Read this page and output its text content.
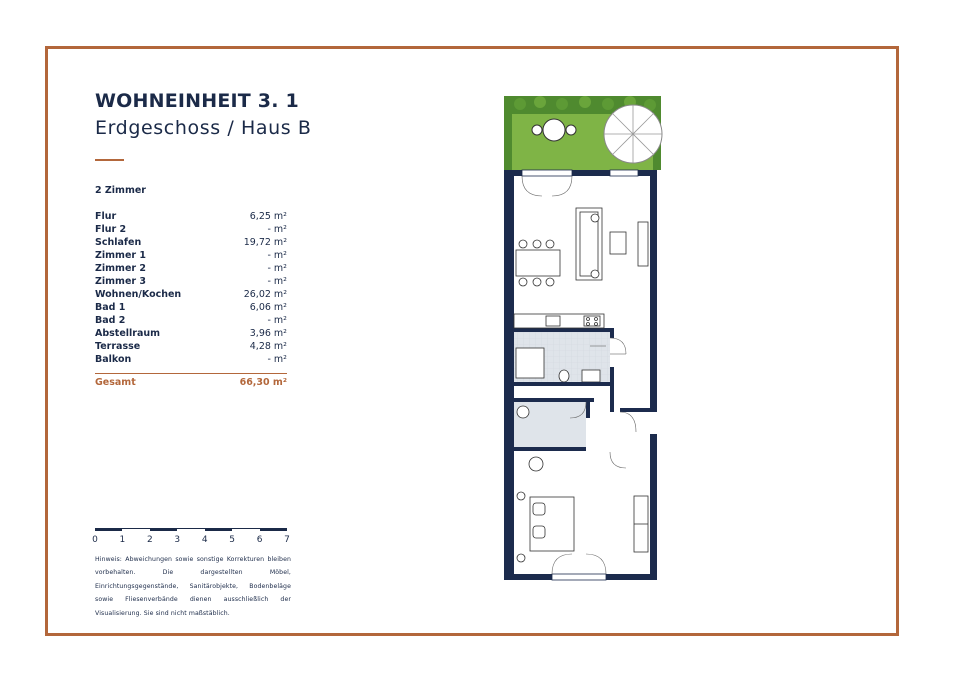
WOHNEINHEIT 3. 1
Erdgeschoss / Haus B
2 Zimmer
Flur	6,25 m²
Flur 2	- m²
Schlafen	19,72 m²
Zimmer 1	- m²
Zimmer 2	- m²
Zimmer 3	- m²
Wohnen/Kochen	26,02 m²
Bad 1	6,06 m²
Bad 2	- m²
Abstellraum	3,96 m²
Terrasse	4,28 m²
Balkon	- m²
Gesamt	66,30 m²
0 1 2 3 4 5 6 7
Hinweis: Abweichungen sowie sonstige Korrekturen bleiben vorbehalten. Die dargestellten Möbel, Einrichtungsgegenstände, Sanitärobjekte, Bodenbeläge sowie Fliesenverbände dienen ausschließlich der Visualisierung. Sie sind nicht maßstäblich.
